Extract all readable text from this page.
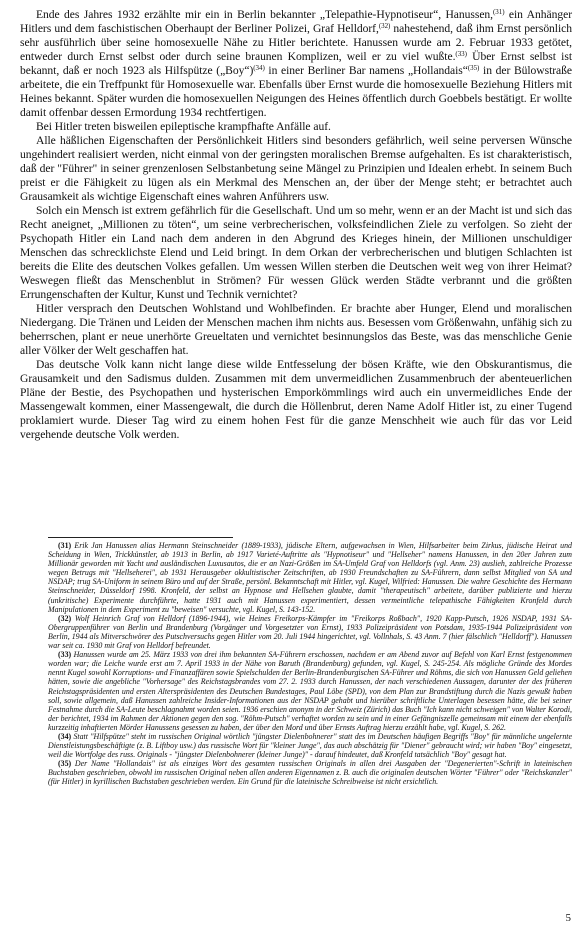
Ende des Jahres 1932 erzählte mir ein in Berlin bekannter „Telepathie-Hypnotiseur“, Hanussen,$^{(31)}$ ein Anhänger Hitlers und dem faschistischen Oberhaupt der Berliner Polizei, Graf Helldorf,$^{(32)}$ nahestehend, daß ihm Ernst persönlich sehr ausführlich über seine homosexuelle Nähe zu Hitler berichtete. Hanussen wurde am 2. Februar 1933 getötet, entweder durch Ernst selbst oder durch seine braunen Komplizen, weil er zu viel wußte.$^{(33)}$ Über Ernst selbst ist bekannt, daß er noch 1923 als Hilfspütze („Boy“)$^{(34)}$ in einer Berliner Bar namens „Hollandais“$^{(35)}$ in der Bülowstraße arbeitete, die ein Treffpunkt für Homosexuelle war. Ebenfalls über Ernst wurde die homosexuelle Beziehung Hitlers mit Heines bekannt. Später wurden die homosexuellen Neigungen des Heines öffentlich durch Goebbels bestätigt. Er wollte damit offenbar dessen Ermordung 1934 rechtfertigen.

Bei Hitler treten bisweilen epileptische krampfhafte Anfälle auf.

Alle häßlichen Eigenschaften der Persönlichkeit Hitlers sind besonders gefährlich, weil seine perversen Wünsche ungehindert realisiert werden, nicht einmal von der geringsten moralischen Bremse aufgehalten. Es ist charakteristisch, daß der "Führer" in seiner grenzenlosen Selbstanbetung seine Mängel zu Prinzipien und Idealen erhebt. In seinem Buch preist er die Fähigkeit zu lügen als ein Merkmal des Menschen an, der über der Menge steht; er betrachtet auch Grausamkeit als wichtige Eigenschaft eines wahren Anführers usw.

Solch ein Mensch ist extrem gefährlich für die Gesellschaft. Und um so mehr, wenn er an der Macht ist und sich das Recht aneignet, „Millionen zu töten“, um seine verbrecherischen, volksfeindlichen Ziele zu verfolgen. So zieht der Psychopath Hitler ein Land nach dem anderen in den Abgrund des Krieges hinein, der Millionen unschuldiger Menschen das schrecklichste Elend und Leid bringt. In dem Orkan der verbrecherischen und blutigen Schlachten ist bereits die Elite des deutschen Volkes gefallen. Um wessen Willen sterben die Deutschen weit weg von ihrer Heimat? Weswegen fließt das Menschenblut in Strömen? Für wessen Glück werden Städte verbrannt und die größten Errungenschaften der Kultur, Kunst und Technik vernichtet?

Hitler versprach den Deutschen Wohlstand und Wohlbefinden. Er brachte aber Hunger, Elend und moralischen Niedergang. Die Tränen und Leiden der Menschen machen ihm nichts aus. Besessen vom Größenwahn, unfähig sich zu beherrschen, plant er neue unerhörte Greueltaten und vernichtet besinnungslos das Beste, was das menschliche Genie aller Völker der Welt geschaffen hat.

Das deutsche Volk kann nicht lange diese wilde Entfesselung der bösen Kräfte, wie den Obskurantismus, die Grausamkeit und den Sadismus dulden. Zusammen mit dem unvermeidlichen Zusammenbruch der abenteuerlichen Pläne der Bestie, des Psychopathen und hysterischen Emporkömmlings wird auch ein unvermeidliches Ende der Massengewalt kommen, einer Massengewalt, die durch die Höllenbrut, deren Name Adolf Hitler ist, zu einer Tugend proklamiert wurde. Dieser Tag wird zu einem hohen Fest für die ganze Menschheit wie auch für das vor Leid vergehende deutsche Volk werden.

(31) Erik Jan Hanussen alias Hermann Steinschneider (1889-1933), jüdische Eltern, aufgewachsen in Wien, Hilfsarbeiter beim Zirkus, jüdische Heirat und Scheidung in Wien, Trickkünstler, ab 1913 in Berlin, ab 1917 Varieté-Auftritte als "Hypnotiseur" und "Hellseher" namens Hanussen, in den 20er Jahren zum Millionär geworden mit Yacht und ausländischen Luxusautos, die er an Nazi-Größen im SA-Umfeld Graf von Helldorfs (vgl. Anm. 23) auslieh, zahlreiche Prozesse wegen Betrugs mit "Hellseherei", ab 1931 Herausgeber okkultistischer Zeitschriften, ab 1930 Freundschaften zu SA-Führern, dann selbst Mitglied von SA und NSDAP; trug SA-Uniform in seinem Büro und auf der Straße, persönl. Bekanntschaft mit Hitler, vgl. Kugel, Wilfried: Hanussen. Die wahre Geschichte des Hermann Steinschneider, Düsseldorf 1998. Kronfeld, der selbst an Hypnose und Hellsehen glaubte, damit "therapeutisch" arbeitete, darüber publizierte und hierzu (unkritische) Experimente durchführte, hatte 1931 auch mit Hanussen experimentiert, dessen vermeintliche telepathische Fähigkeiten Kronfeld durch Manipulationen in dem Experiment zu "beweisen" versuchte, vgl. Kugel, S. 143-152.

(32) Wolf Heinrich Graf von Helldorf (1896-1944), wie Heines Freikorps-Kämpfer im "Freikorps Roßbach", 1920 Kapp-Putsch, 1926 NSDAP, 1931 SA-Obergruppenführer von Berlin und Brandenburg (Vorgänger und Vorgesetzter von Ernst), 1933 Polizeipräsident von Potsdam, 1935-1944 Polizeipräsident von Berlin, 1944 als Mitverschwörer des Putschversuchs gegen Hitler vom 20. Juli 1944 hingerichtet, vgl. Vollnhals, S. 43 Anm. 7 (hier fälschlich "Helldorff"). Hanussen war seit ca. 1930 mit Graf von Helldorf befreundet.

(33) Hanussen wurde am 25. März 1933 von drei ihm bekannten SA-Führern erschossen, nachdem er am Abend zuvor auf Befehl von Karl Ernst festgenommen worden war; die Leiche wurde erst am 7. April 1933 in der Nähe von Baruth (Brandenburg) gefunden, vgl. Kugel, S. 245-254. Als mögliche Gründe des Mordes nennt Kugel sowohl Korruptions- und Finanzaffären sowie Spielschulden der Berlin-Brandenburgischen SA-Führer und Röhms, die sich von Hanussen Geld geliehen hätten, sowie die angebliche "Vorhersage" des Reichstagsbrandes vom 27. 2. 1933 durch Hanussen, der nach verschiedenen Aussagen, darunter der des früheren Reichstagspräsidenten und ersten Alterspräsidenten des Deutschen Bundestages, Paul Löbe (SPD), von dem Plan zur Brandstiftung durch die Nazis gewußt haben soll, sowie allgemein, daß Hanussen zahlreiche Insider-Informationen aus der NSDAP gehabt und hierüber schriftliche Unterlagen besessen hätte, die bei seiner Festnahme durch die SA-Leute beschlagnahmt worden seien. 1936 erschien anonym in der Schweiz (Zürich) das Buch "Ich kann nicht schweigen" von Walter Korodi, der berichtet, 1934 im Rahmen der Aktionen gegen den sog. "Röhm-Putsch" verhaftet worden zu sein und in einer Gefängniszelle gemeinsam mit einem der ebenfalls kurzzeitig inhaftierten Mörder Hanussens gesessen zu haben, der über den Mord und über Ernsts Auftrag hierzu erzählt habe, vgl. Kugel, S. 262.

(34) Statt "Hilfspütze" steht im russischen Original wörtlich "jüngster Dielenbohnerer" statt des im Deutschen häufigen Begriffs "Boy" für männliche ungelernte Dienstleistungsbeschäftigte (z. B. Liftboy usw.) das russische Wort für "kleiner Junge", das auch abschätzig für "Diener" gebraucht wird; wir haben "Boy" eingesetzt, weil die Wortfolge des russ. Originals - "jüngster Dielenbohnerer (kleiner Junge)" - darauf hindeutet, daß Kronfeld tatsächlich "Boy" gesagt hat.

(35) Der Name "Hollandais" ist als einziges Wort des gesamten russischen Originals in allen drei Ausgaben der "Degenerierten"-Schrift in lateinischen Buchstaben geschrieben, obwohl im russischen Original neben allen anderen Eigennamen z. B. auch die originalen deutschen Wörter "Führer" oder "Reichskanzler" (für Hitler) in kyrillischen Buchstaben geschrieben werden. Ein Grund für die lateinische Schreibweise ist nicht ersichtlich.

5
